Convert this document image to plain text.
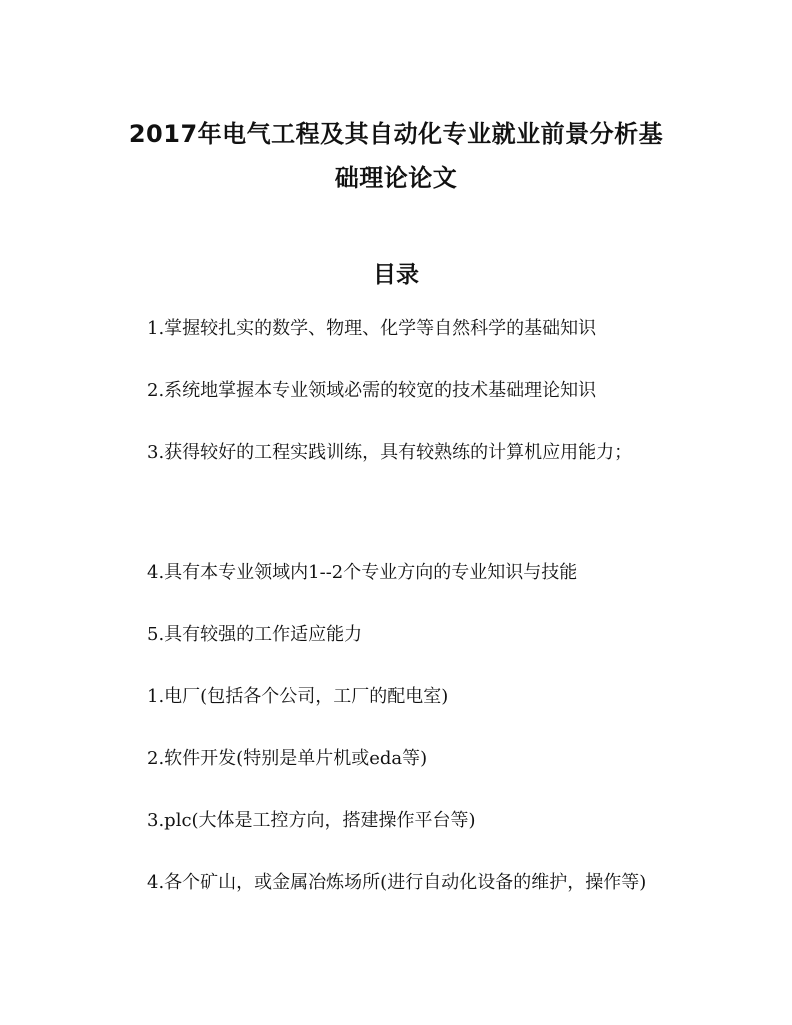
2017年电气工程及其自动化专业就业前景分析基
础理论论文
目录
1.掌握较扎实的数学、物理、化学等自然科学的基础知识
2.系统地掌握本专业领域必需的较宽的技术基础理论知识
3.获得较好的工程实践训练，具有较熟练的计算机应用能力；
4.具有本专业领域内1--2个专业方向的专业知识与技能
5.具有较强的工作适应能力
1.电厂(包括各个公司，工厂的配电室)
2.软件开发(特别是单片机或eda等)
3.plc(大体是工控方向，搭建操作平台等)
4.各个矿山，或金属冶炼场所(进行自动化设备的维护，操作等)
